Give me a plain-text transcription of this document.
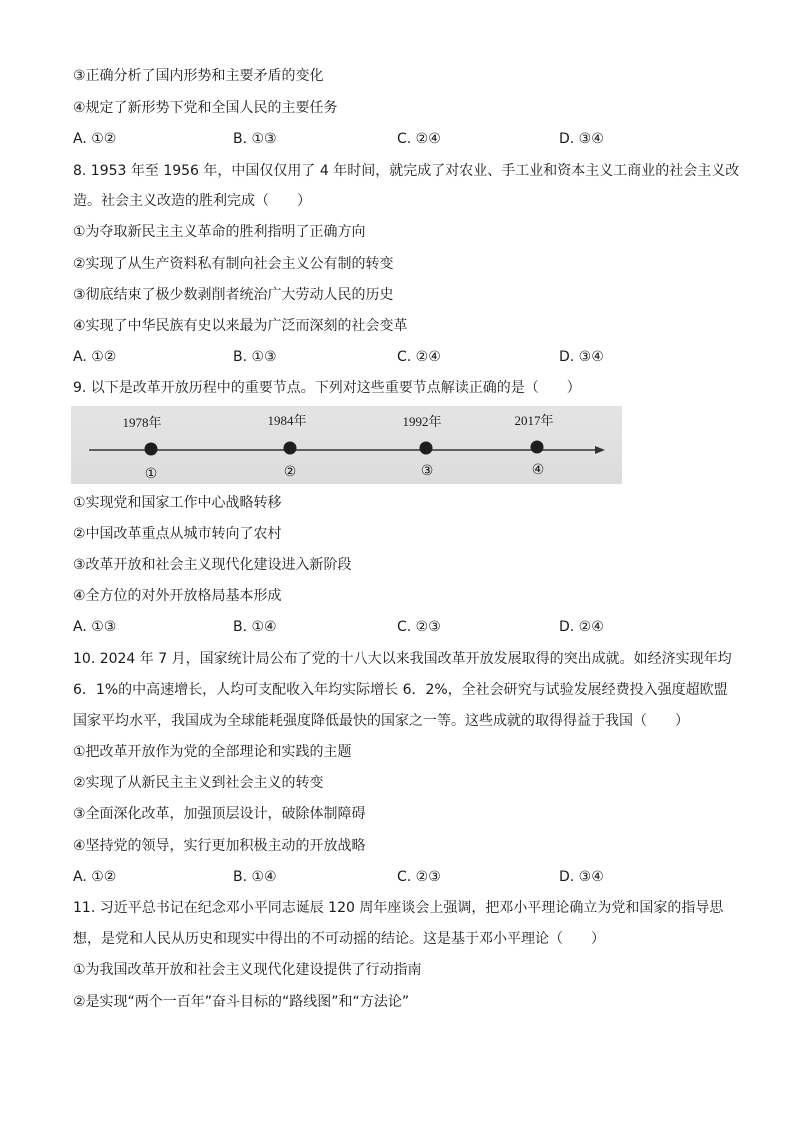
③正确分析了国内形势和主要矛盾的变化
④规定了新形势下党和全国人民的主要任务
A. ①②	B. ①③	C. ②④	D. ③④
8. 1953 年至 1956 年，中国仅仅用了 4 年时间，就完成了对农业、手工业和资本主义工商业的社会主义改
造。社会主义改造的胜利完成（　　）
①为夺取新民主主义革命的胜利指明了正确方向
②实现了从生产资料私有制向社会主义公有制的转变
③彻底结束了极少数剥削者统治广大劳动人民的历史
④实现了中华民族有史以来最为广泛而深刻的社会变革
A. ①②	B. ①③	C. ②④	D. ③④
9. 以下是改革开放历程中的重要节点。下列对这些重要节点解读正确的是（　　）
1978年
①
1984年
②
1992年
③
2017年
④
①实现党和国家工作中心战略转移
②中国改革重点从城市转向了农村
③改革开放和社会主义现代化建设进入新阶段
④全方位的对外开放格局基本形成
A. ①③	B. ①④	C. ②③	D. ②④
10. 2024 年 7 月，国家统计局公布了党的十八大以来我国改革开放发展取得的突出成就。如经济实现年均
6．1%的中高速增长，人均可支配收入年均实际增长 6．2%，全社会研究与试验发展经费投入强度超欧盟
国家平均水平，我国成为全球能耗强度降低最快的国家之一等。这些成就的取得得益于我国（　　）
①把改革开放作为党的全部理论和实践的主题
②实现了从新民主主义到社会主义的转变
③全面深化改革，加强顶层设计，破除体制障碍
④坚持党的领导，实行更加积极主动的开放战略
A. ①②	B. ①④	C. ②③	D. ③④
11. 习近平总书记在纪念邓小平同志诞辰 120 周年座谈会上强调，把邓小平理论确立为党和国家的指导思
想，是党和人民从历史和现实中得出的不可动摇的结论。这是基于邓小平理论（　　）
①为我国改革开放和社会主义现代化建设提供了行动指南
②是实现“两个一百年”奋斗目标的“路线图”和“方法论”
